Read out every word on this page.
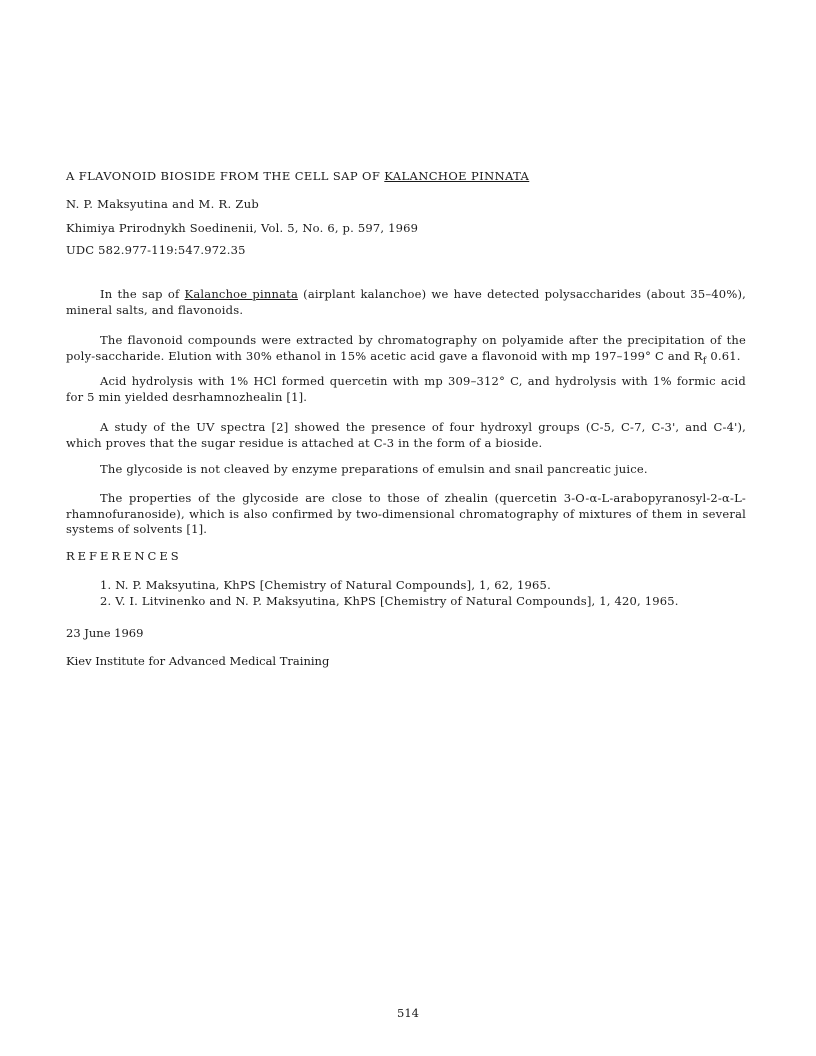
A FLAVONOID BIOSIDE FROM THE CELL SAP OF KALANCHOE PINNATA
N. P. Maksyutina and M. R. Zub
Khimiya Prirodnykh Soedinenii, Vol. 5, No. 6, p. 597, 1969
UDC 582.977-119:547.972.35
In the sap of Kalanchoe pinnata (airplant kalanchoe) we have detected polysaccharides (about 35–40%), mineral salts, and flavonoids.
The flavonoid compounds were extracted by chromatography on polyamide after the precipitation of the poly-saccharide. Elution with 30% ethanol in 15% acetic acid gave a flavonoid with mp 197–199° C and $R_f$ 0.61.
Acid hydrolysis with 1% HCl formed quercetin with mp 309–312° C, and hydrolysis with 1% formic acid for 5 min yielded desrhamnozhealin [1].
A study of the UV spectra [2] showed the presence of four hydroxyl groups (C-5, C-7, C-3', and C-4'), which proves that the sugar residue is attached at C-3 in the form of a bioside.
The glycoside is not cleaved by enzyme preparations of emulsin and snail pancreatic juice.
The properties of the glycoside are close to those of zhealin (quercetin 3-O-α-L-arabopyranosyl-2-α-L-rhamnofuranoside), which is also confirmed by two-dimensional chromatography of mixtures of them in several systems of solvents [1].
REFERENCES
1. N. P. Maksyutina, KhPS [Chemistry of Natural Compounds], 1, 62, 1965.
2. V. I. Litvinenko and N. P. Maksyutina, KhPS [Chemistry of Natural Compounds], 1, 420, 1965.
23 June 1969
Kiev Institute for Advanced Medical Training
514
